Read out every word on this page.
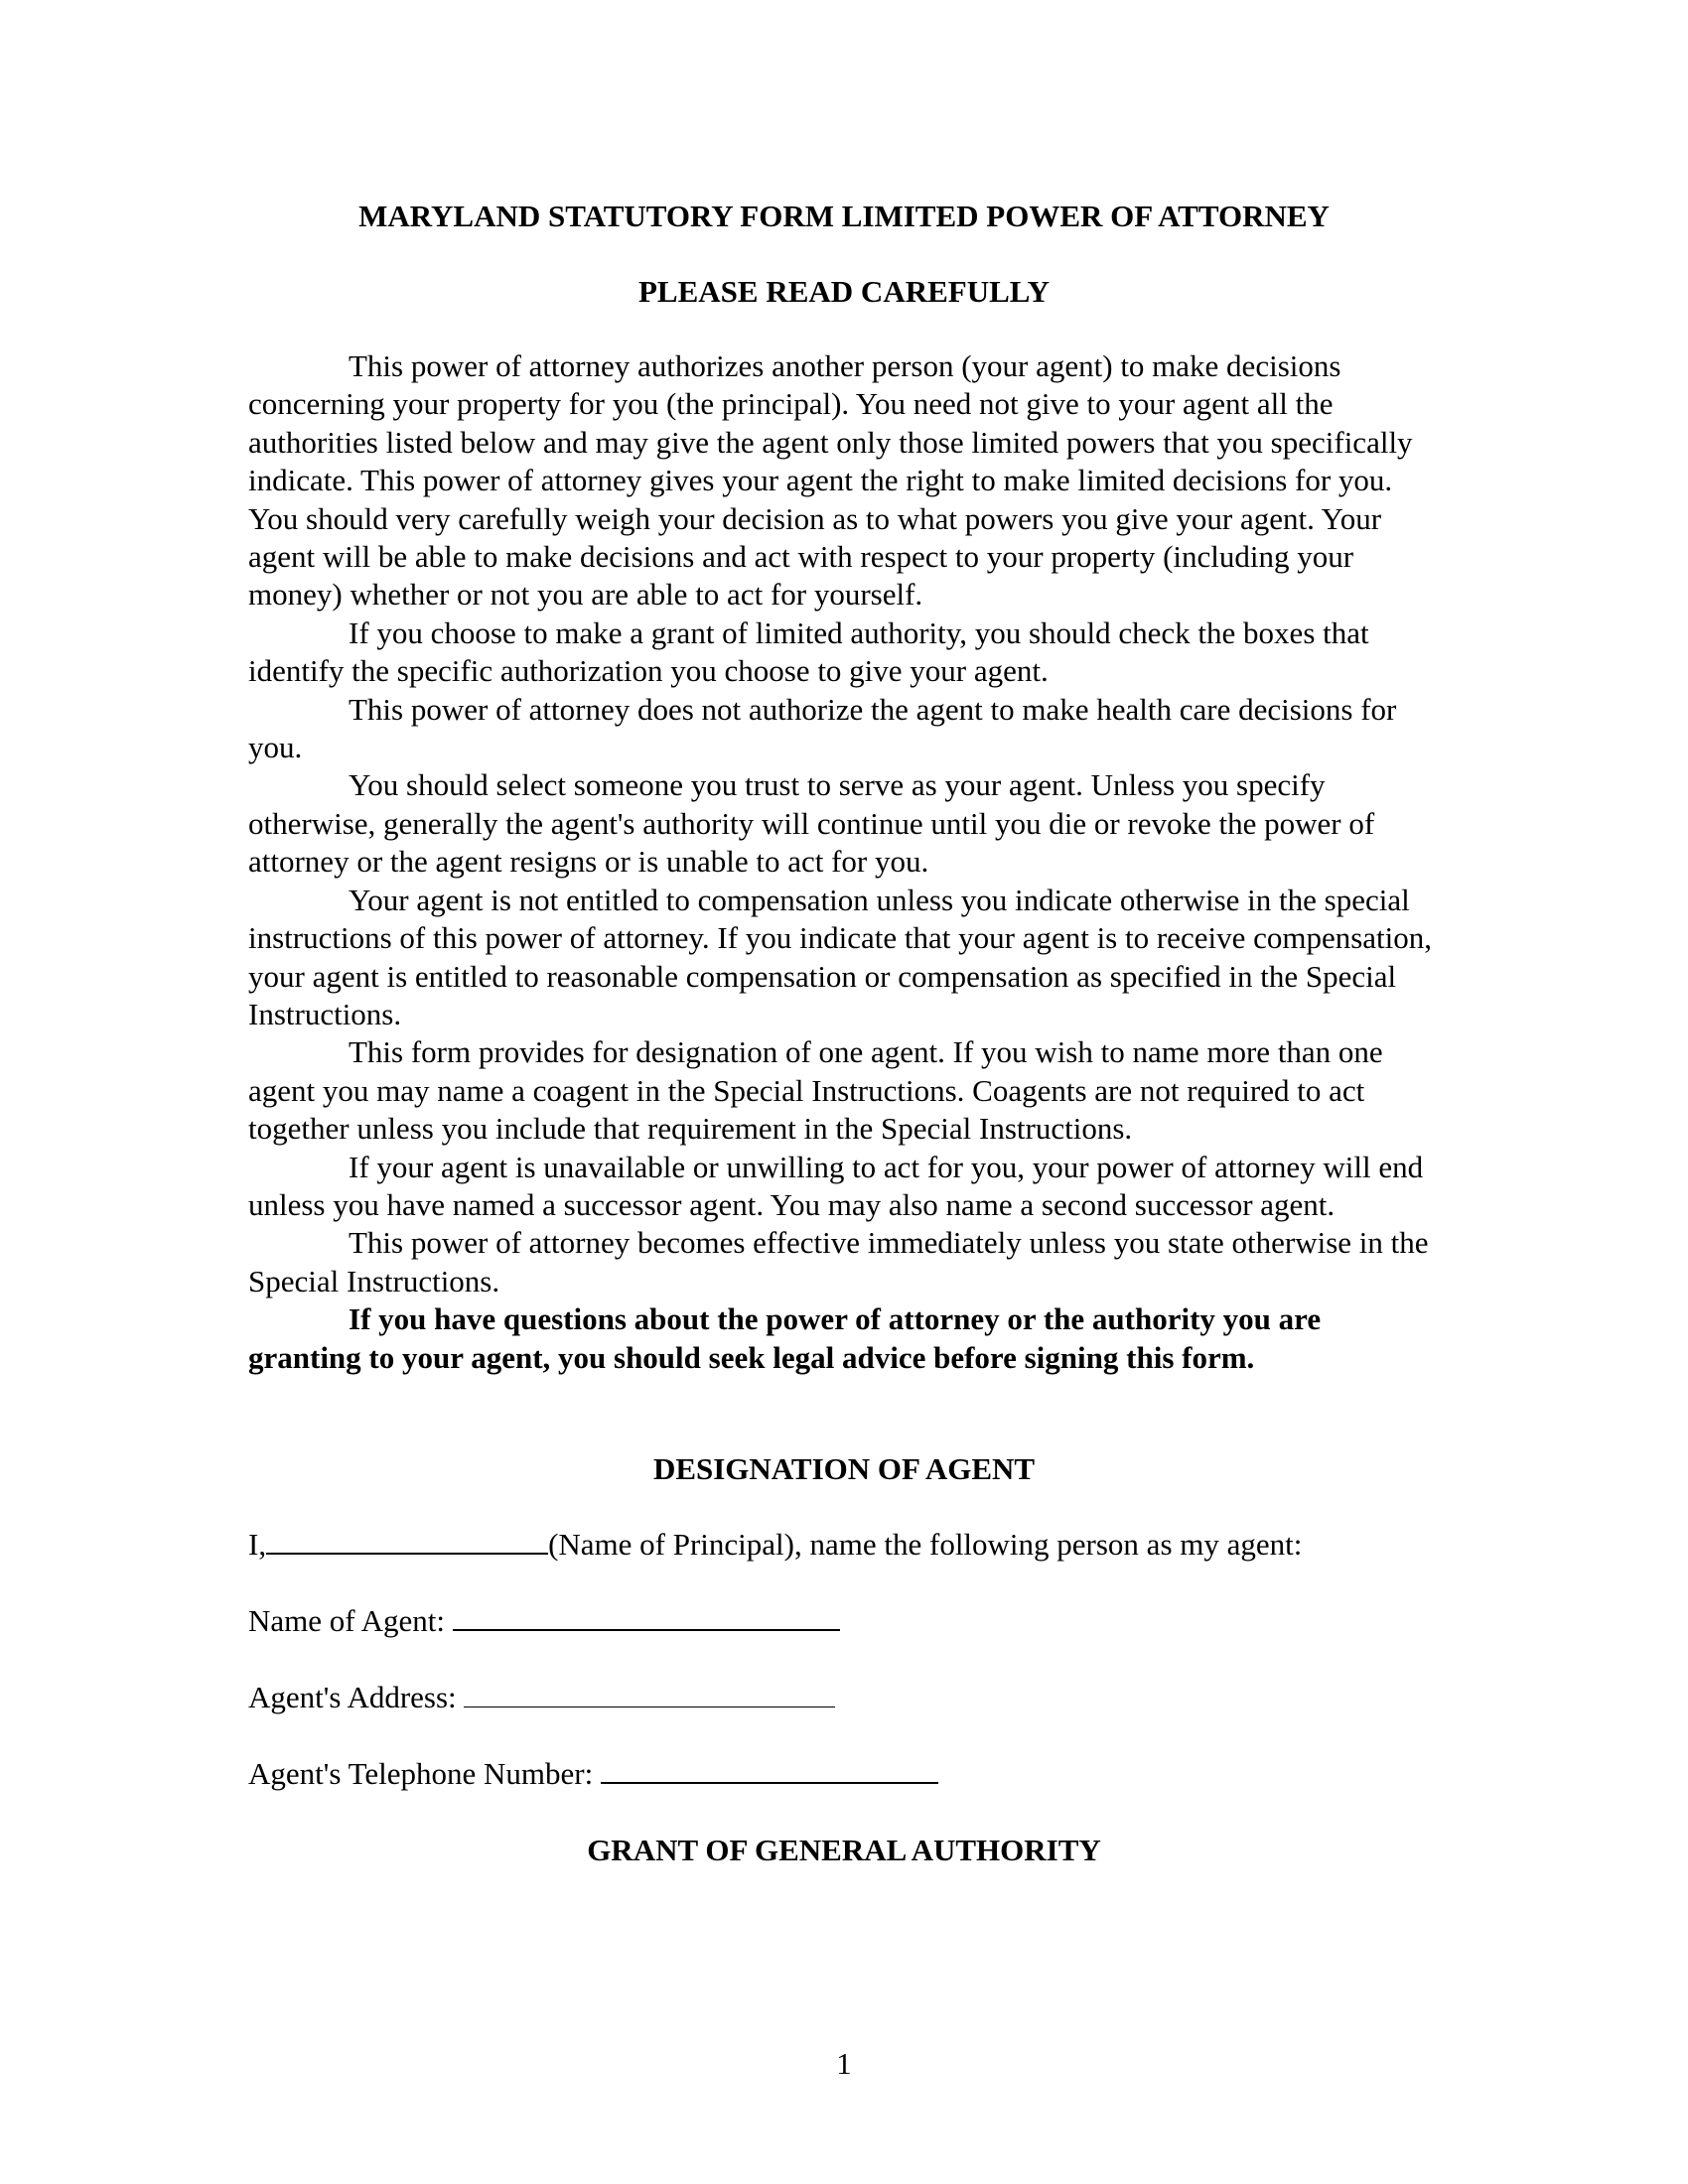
MARYLAND STATUTORY FORM LIMITED POWER OF ATTORNEY
PLEASE READ CAREFULLY

This power of attorney authorizes another person (your agent) to make decisions concerning your property for you (the principal). You need not give to your agent all the authorities listed below and may give the agent only those limited powers that you specifically indicate. This power of attorney gives your agent the right to make limited decisions for you. You should very carefully weigh your decision as to what powers you give your agent. Your agent will be able to make decisions and act with respect to your property (including your money) whether or not you are able to act for yourself.

If you choose to make a grant of limited authority, you should check the boxes that identify the specific authorization you choose to give your agent.

This power of attorney does not authorize the agent to make health care decisions for you.

You should select someone you trust to serve as your agent. Unless you specify otherwise, generally the agent's authority will continue until you die or revoke the power of attorney or the agent resigns or is unable to act for you.

Your agent is not entitled to compensation unless you indicate otherwise in the special instructions of this power of attorney. If you indicate that your agent is to receive compensation, your agent is entitled to reasonable compensation or compensation as specified in the Special Instructions.

This form provides for designation of one agent. If you wish to name more than one agent you may name a coagent in the Special Instructions. Coagents are not required to act together unless you include that requirement in the Special Instructions.

If your agent is unavailable or unwilling to act for you, your power of attorney will end unless you have named a successor agent. You may also name a second successor agent.

This power of attorney becomes effective immediately unless you state otherwise in the Special Instructions.

If you have questions about the power of attorney or the authority you are granting to your agent, you should seek legal advice before signing this form.

DESIGNATION OF AGENT
I,	(Name of Principal), name the following person as my agent:
Name of Agent:
Agent's Address:
Agent's Telephone Number:
GRANT OF GENERAL AUTHORITY
1
